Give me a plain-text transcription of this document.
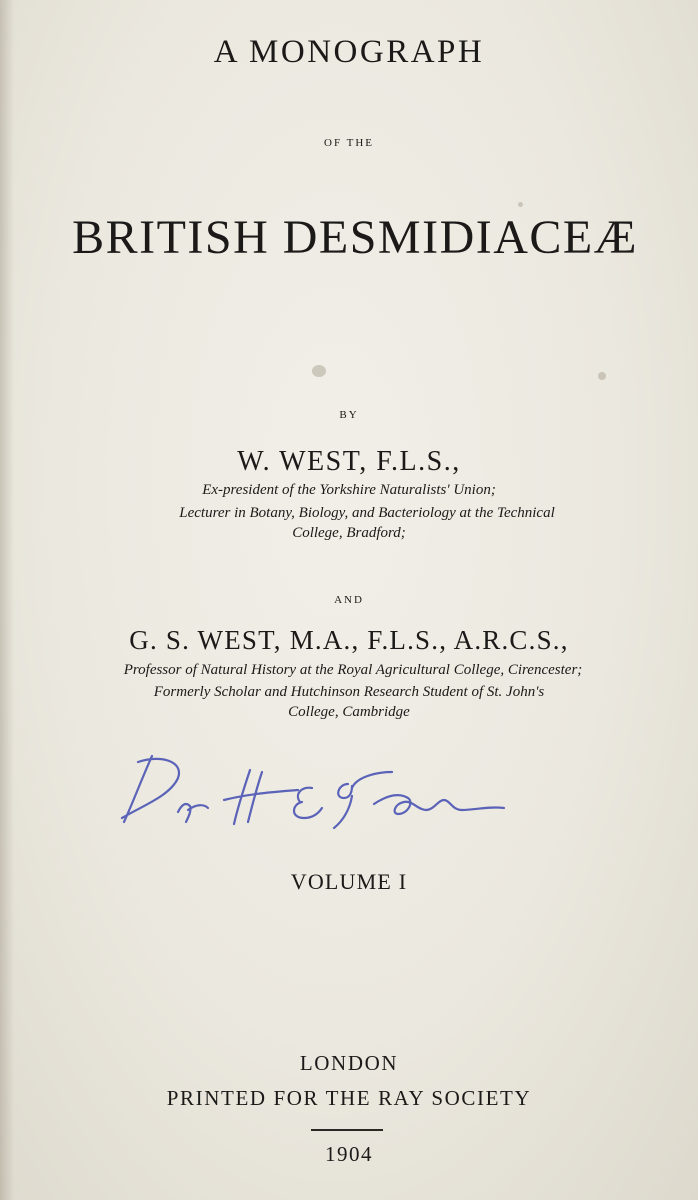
A MONOGRAPH
OF THE
BRITISH DESMIDIACEÆ
BY
W. WEST, F.L.S.,
Ex-president of the Yorkshire Naturalists' Union;
Lecturer in Botany, Biology, and Bacteriology at the Technical
College, Bradford;
AND
G. S. WEST, M.A., F.L.S., A.R.C.S.,
Professor of Natural History at the Royal Agricultural College, Cirencester;
Formerly Scholar and Hutchinson Research Student of St. John's
College, Cambridge
VOLUME I
LONDON
PRINTED FOR THE RAY SOCIETY
1904
